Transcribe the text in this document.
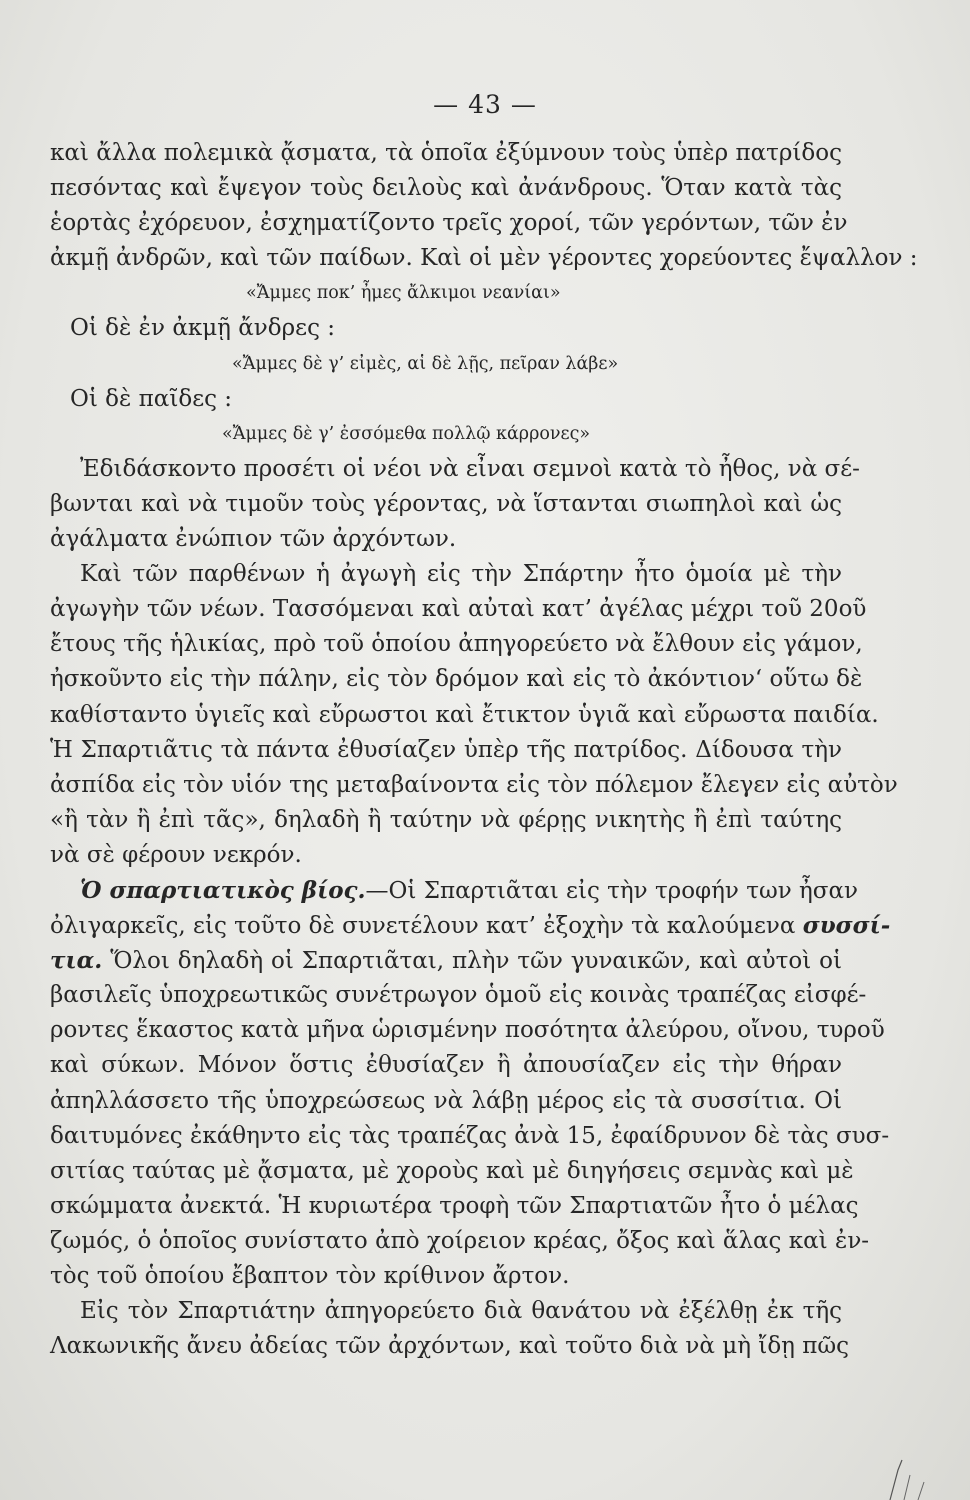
— 43 —
καὶ ἄλλα πολεμικὰ ᾄσματα, τὰ ὁποῖα ἐξύμνουν τοὺς ὑπὲρ πατρίδος
πεσόντας καὶ ἔψεγον τοὺς δειλοὺς καὶ ἀνάνδρους. Ὅταν κατὰ τὰς
ἑορτὰς ἐχόρευον, ἐσχηματίζοντο τρεῖς χοροί, τῶν γερόντων, τῶν ἐν
ἀκμῇ ἀνδρῶν, καὶ τῶν παίδων. Καὶ οἱ μὲν γέροντες χορεύοντες ἔψαλλον :
«Ἄμμες ποκ’ ἦμες ἄλκιμοι νεανίαι»
Οἱ δὲ ἐν ἀκμῇ ἄνδρες :
«Ἄμμες δὲ γ’ εἰμὲς, αἱ δὲ λῇς, πεῖραν λάβε»
Οἱ δὲ παῖδες :
«Ἄμμες δὲ γ’ ἐσσόμεθα πολλῷ κάρρονες»
Ἐδιδάσκοντο προσέτι οἱ νέοι νὰ εἶναι σεμνοὶ κατὰ τὸ ἦθος, νὰ σέ-
βωνται καὶ νὰ τιμοῦν τοὺς γέροντας, νὰ ἵστανται σιωπηλοὶ καὶ ὡς
ἀγάλματα ἐνώπιον τῶν ἀρχόντων.
Καὶ τῶν παρθένων ἡ ἀγωγὴ εἰς τὴν Σπάρτην ἦτο ὁμοία μὲ τὴν
ἀγωγὴν τῶν νέων. Τασσόμεναι καὶ αὐταὶ κατ’ ἀγέλας μέχρι τοῦ 20οῦ
ἔτους τῆς ἡλικίας, πρὸ τοῦ ὁποίου ἀπηγορεύετο νὰ ἔλθουν εἰς γάμον,
ἠσκοῦντο εἰς τὴν πάλην, εἰς τὸν δρόμον καὶ εἰς τὸ ἀκόντιον‘ οὕτω δὲ
καθίσταντο ὑγιεῖς καὶ εὔρωστοι καὶ ἔτικτον ὑγιᾶ καὶ εὔρωστα παιδία.
Ἡ Σπαρτιᾶτις τὰ πάντα ἐθυσίαζεν ὑπὲρ τῆς πατρίδος. Δίδουσα τὴν
ἀσπίδα εἰς τὸν υἱόν της μεταβαίνοντα εἰς τὸν πόλεμον ἔλεγεν εἰς αὐτὸν
«ἢ τὰν ἢ ἐπὶ τᾶς», δηλαδὴ ἢ ταύτην νὰ φέρῃς νικητὴς ἢ ἐπὶ ταύτης
νὰ σὲ φέρουν νεκρόν.
Ὁ σπαρτιατικὸς βίος.—Οἱ Σπαρτιᾶται εἰς τὴν τροφήν των ἦσαν
ὀλιγαρκεῖς, εἰς τοῦτο δὲ συνετέλουν κατ’ ἐξοχὴν τὰ καλούμενα συσσί-
τια. Ὅλοι δηλαδὴ οἱ Σπαρτιᾶται, πλὴν τῶν γυναικῶν, καὶ αὐτοὶ οἱ
βασιλεῖς ὑποχρεωτικῶς συνέτρωγον ὁμοῦ εἰς κοινὰς τραπέζας εἰσφέ-
ροντες ἕκαστος κατὰ μῆνα ὡρισμένην ποσότητα ἀλεύρου, οἴνου, τυροῦ
καὶ σύκων. Μόνον ὅστις ἐθυσίαζεν ἢ ἀπουσίαζεν εἰς τὴν θήραν
ἀπηλλάσσετο τῆς ὑποχρεώσεως νὰ λάβῃ μέρος εἰς τὰ συσσίτια. Οἱ
δαιτυμόνες ἐκάθηντο εἰς τὰς τραπέζας ἀνὰ 15, ἐφαίδρυνον δὲ τὰς συσ-
σιτίας ταύτας μὲ ᾄσματα, μὲ χοροὺς καὶ μὲ διηγήσεις σεμνὰς καὶ μὲ
σκώμματα ἀνεκτά. Ἡ κυριωτέρα τροφὴ τῶν Σπαρτιατῶν ἦτο ὁ μέλας
ζωμός, ὁ ὁποῖος συνίστατο ἀπὸ χοίρειον κρέας, ὄξος καὶ ἅλας καὶ ἐν-
τὸς τοῦ ὁποίου ἔβαπτον τὸν κρίθινον ἄρτον.
Εἰς τὸν Σπαρτιάτην ἀπηγορεύετο διὰ θανάτου νὰ ἐξέλθῃ ἐκ τῆς
Λακωνικῆς ἄνευ ἀδείας τῶν ἀρχόντων, καὶ τοῦτο διὰ νὰ μὴ ἴδῃ πῶς
